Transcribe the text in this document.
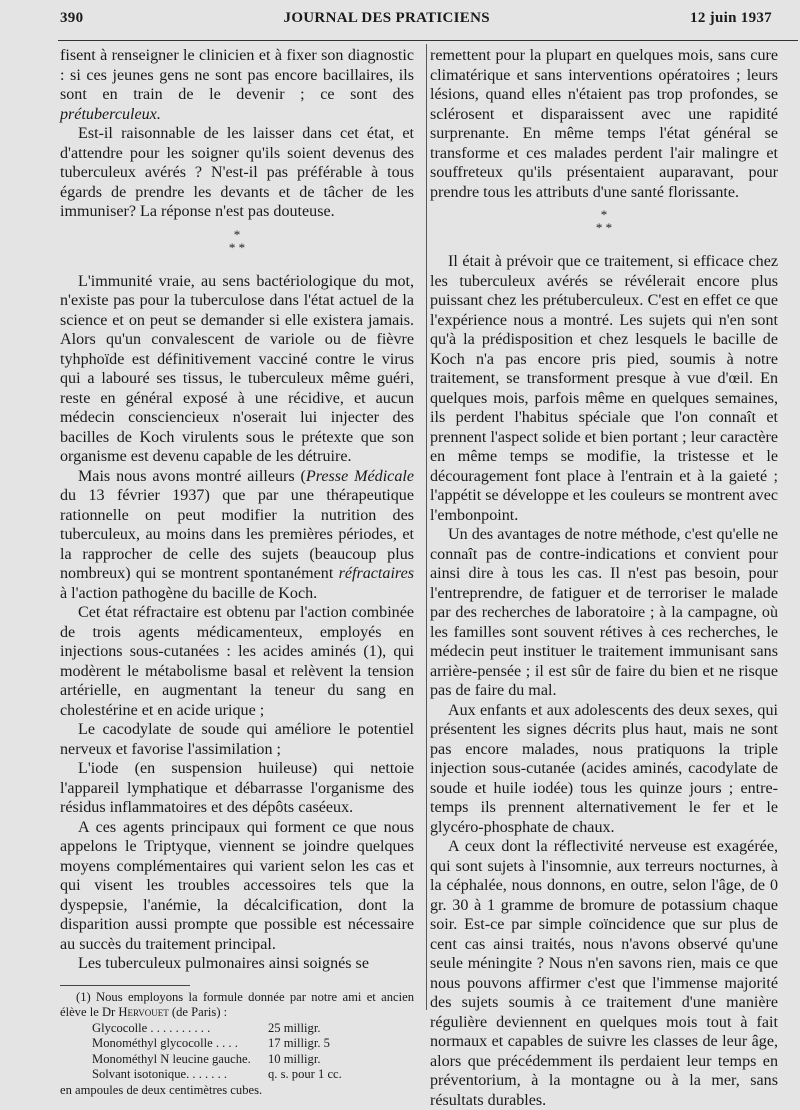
390	JOURNAL DES PRATICIENS	12 juin 1937

fisent à renseigner le clinicien et à fixer son diagnostic : si ces jeunes gens ne sont pas encore bacillaires, ils sont en train de le devenir ; ce sont des prétuberculeux.

Est-il raisonnable de les laisser dans cet état, et d'attendre pour les soigner qu'ils soient devenus des tuberculeux avérés ? N'est-il pas préférable à tous égards de prendre les devants et de tâcher de les immuniser? La réponse n'est pas douteuse.

*
* *

L'immunité vraie, au sens bactériologique du mot, n'existe pas pour la tuberculose dans l'état actuel de la science et on peut se demander si elle existera jamais. Alors qu'un convalescent de variole ou de fièvre tyhphoïde est définitivement vacciné contre le virus qui a labouré ses tissus, le tuberculeux même guéri, reste en général exposé à une récidive, et aucun médecin consciencieux n'oserait lui injecter des bacilles de Koch virulents sous le prétexte que son organisme est devenu capable de les détruire.

Mais nous avons montré ailleurs (Presse Médicale du 13 février 1937) que par une thérapeutique rationnelle on peut modifier la nutrition des tuberculeux, au moins dans les premières périodes, et la rapprocher de celle des sujets (beaucoup plus nombreux) qui se montrent spontanément réfractaires à l'action pathogène du bacille de Koch.

Cet état réfractaire est obtenu par l'action combinée de trois agents médicamenteux, employés en injections sous-cutanées : les acides aminés (1), qui modèrent le métabolisme basal et relèvent la tension artérielle, en augmentant la teneur du sang en cholestérine et en acide urique ;

Le cacodylate de soude qui améliore le potentiel nerveux et favorise l'assimilation ;

L'iode (en suspension huileuse) qui nettoie l'appareil lymphatique et débarrasse l'organisme des résidus inflammatoires et des dépôts caséeux.

A ces agents principaux qui forment ce que nous appelons le Triptyque, viennent se joindre quelques moyens complémentaires qui varient selon les cas et qui visent les troubles accessoires tels que la dyspepsie, l'anémie, la décalcification, dont la disparition aussi prompte que possible est nécessaire au succès du traitement principal.

Les tuberculeux pulmonaires ainsi soignés se

(1) Nous employons la formule donnée par notre ami et ancien élève le Dr Hervouet (de Paris) :

Glycocolle . . . . . . . . . .	25 milligr.
Monométhyl glycocolle . . . .	17 milligr. 5
Monométhyl N leucine gauche.	10 milligr.
Solvant isotonique. . . . . . .	q. s. pour 1 cc.
en ampoules de deux centimètres cubes.

remettent pour la plupart en quelques mois, sans cure climatérique et sans interventions opératoires ; leurs lésions, quand elles n'étaient pas trop profondes, se sclérosent et disparaissent avec une rapidité surprenante. En même temps l'état général se transforme et ces malades perdent l'air malingre et souffreteux qu'ils présentaient auparavant, pour prendre tous les attributs d'une santé florissante.

*
* *

Il était à prévoir que ce traitement, si efficace chez les tuberculeux avérés se révélerait encore plus puissant chez les prétuberculeux. C'est en effet ce que l'expérience nous a montré. Les sujets qui n'en sont qu'à la prédisposition et chez lesquels le bacille de Koch n'a pas encore pris pied, soumis à notre traitement, se transforment presque à vue d'œil. En quelques mois, parfois même en quelques semaines, ils perdent l'habitus spéciale que l'on connaît et prennent l'aspect solide et bien portant ; leur caractère en même temps se modifie, la tristesse et le découragement font place à l'entrain et à la gaieté ; l'appétit se développe et les couleurs se montrent avec l'embonpoint.

Un des avantages de notre méthode, c'est qu'elle ne connaît pas de contre-indications et convient pour ainsi dire à tous les cas. Il n'est pas besoin, pour l'entreprendre, de fatiguer et de terroriser le malade par des recherches de laboratoire ; à la campagne, où les familles sont souvent rétives à ces recherches, le médecin peut instituer le traitement immunisant sans arrière-pensée ; il est sûr de faire du bien et ne risque pas de faire du mal.

Aux enfants et aux adolescents des deux sexes, qui présentent les signes décrits plus haut, mais ne sont pas encore malades, nous pratiquons la triple injection sous-cutanée (acides aminés, cacodylate de soude et huile iodée) tous les quinze jours ; entre-temps ils prennent alternativement le fer et le glycéro-phosphate de chaux.

A ceux dont la réflectivité nerveuse est exagérée, qui sont sujets à l'insomnie, aux terreurs nocturnes, à la céphalée, nous donnons, en outre, selon l'âge, de 0 gr. 30 à 1 gramme de bromure de potassium chaque soir. Est-ce par simple coïncidence que sur plus de cent cas ainsi traités, nous n'avons observé qu'une seule méningite ? Nous n'en savons rien, mais ce que nous pouvons affirmer c'est que l'immense majorité des sujets soumis à ce traitement d'une manière régulière deviennent en quelques mois tout à fait normaux et capables de suivre les classes de leur âge, alors que précédemment ils perdaient leur temps en préventorium, à la montagne ou à la mer, sans résultats durables.
